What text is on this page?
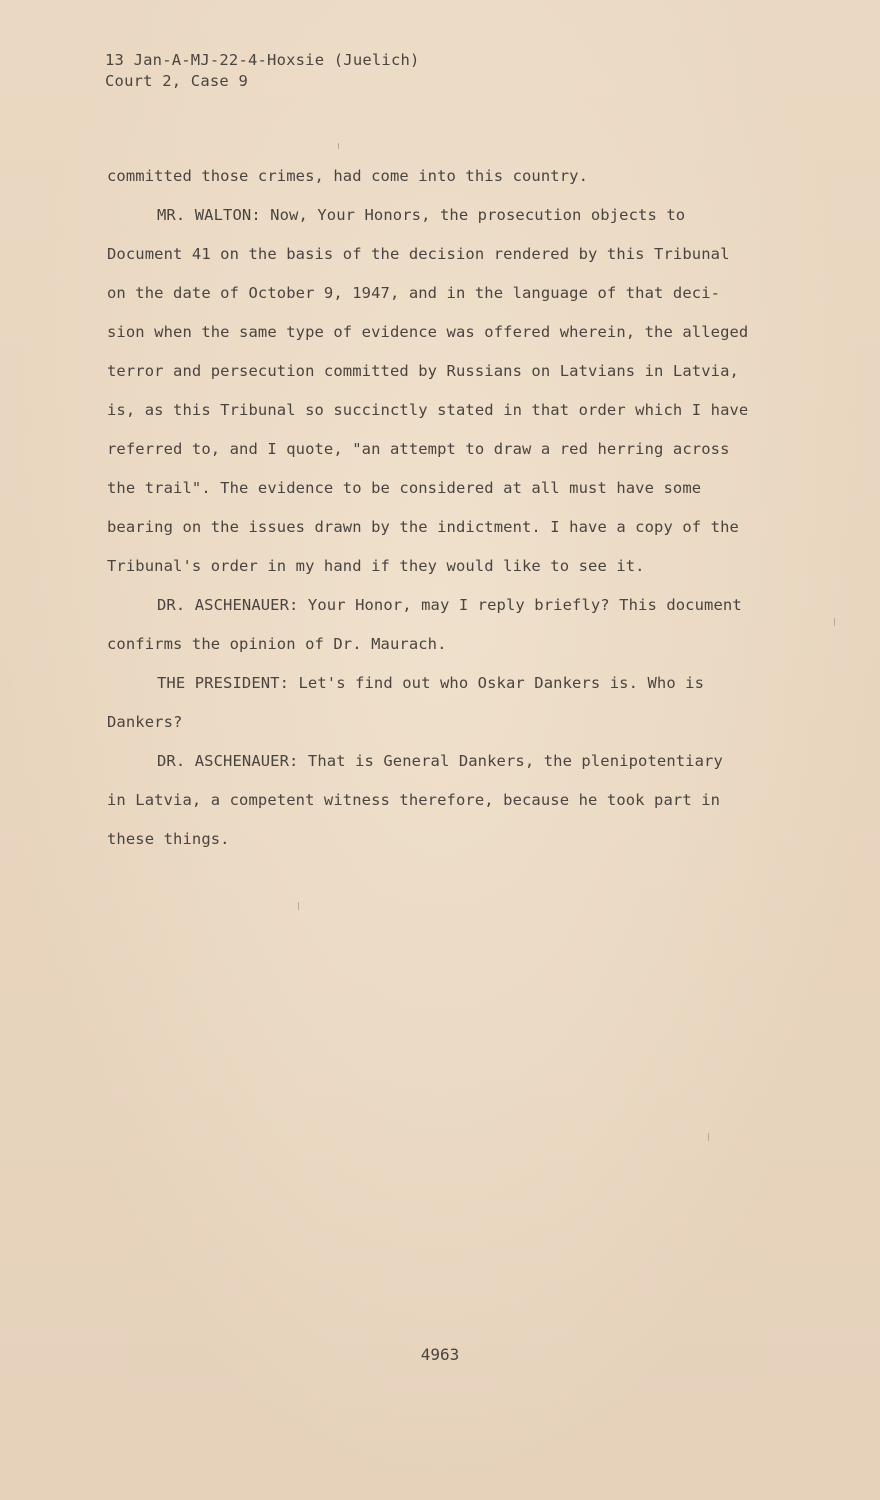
13 Jan-A-MJ-22-4-Hoxsie (Juelich)
Court 2, Case 9
committed those crimes, had come into this country.
MR. WALTON: Now, Your Honors, the prosecution objects to
Document 41 on the basis of the decision rendered by this Tribunal
on the date of October 9, 1947, and in the language of that deci-
sion when the same type of evidence was offered wherein, the alleged
terror and persecution committed by Russians on Latvians in Latvia,
is, as this Tribunal so succinctly stated in that order which I have
referred to, and I quote, "an attempt to draw a red herring across
the trail". The evidence to be considered at all must have some
bearing on the issues drawn by the indictment. I have a copy of the
Tribunal's order in my hand if they would like to see it.
DR. ASCHENAUER: Your Honor, may I reply briefly? This document
confirms the opinion of Dr. Maurach.
THE PRESIDENT: Let's find out who Oskar Dankers is. Who is
Dankers?
DR. ASCHENAUER: That is General Dankers, the plenipotentiary
in Latvia, a competent witness therefore, because he took part in
these things.
4963
